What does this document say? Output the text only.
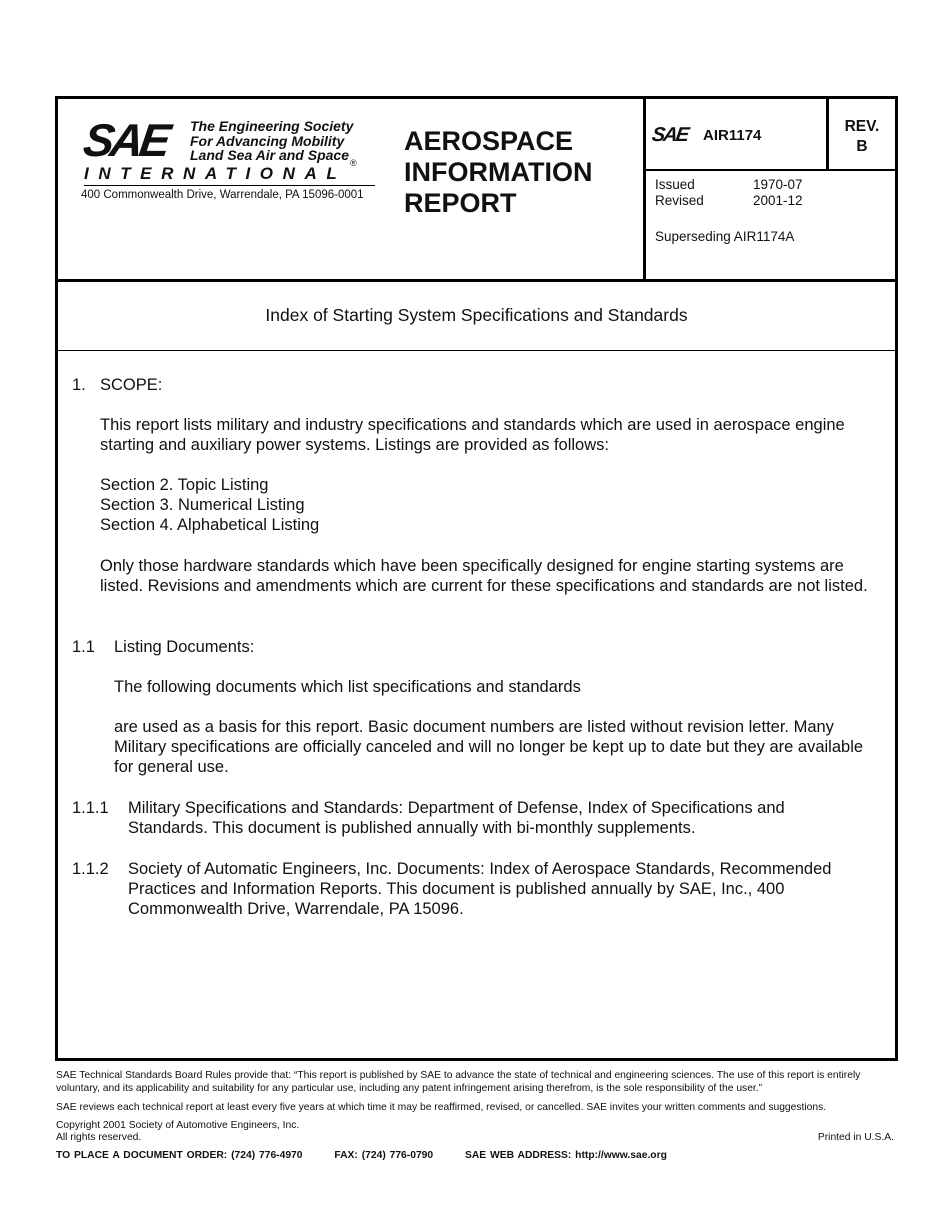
SAE The Engineering Society
For Advancing Mobility
Land Sea Air and Space ®
INTERNATIONAL
400 Commonwealth Drive, Warrendale, PA 15096-0001
AEROSPACE
INFORMATION
REPORT
SAE AIR1174
REV.
B
Issued	1970-07
Revised	2001-12
Superseding AIR1174A
Index of Starting System Specifications and Standards
1. SCOPE:
This report lists military and industry specifications and standards which are used in aerospace engine starting and auxiliary power systems. Listings are provided as follows:
Section 2. Topic Listing
Section 3. Numerical Listing
Section 4. Alphabetical Listing
Only those hardware standards which have been specifically designed for engine starting systems are listed. Revisions and amendments which are current for these specifications and standards are not listed.
1.1 Listing Documents:
The following documents which list specifications and standards
are used as a basis for this report. Basic document numbers are listed without revision letter. Many Military specifications are officially canceled and will no longer be kept up to date but they are available for general use.
1.1.1 Military Specifications and Standards: Department of Defense, Index of Specifications and Standards. This document is published annually with bi-monthly supplements.
1.1.2 Society of Automatic Engineers, Inc. Documents: Index of Aerospace Standards, Recommended Practices and Information Reports. This document is published annually by SAE, Inc., 400 Commonwealth Drive, Warrendale, PA 15096.
SAE Technical Standards Board Rules provide that: “This report is published by SAE to advance the state of technical and engineering sciences. The use of this report is entirely voluntary, and its applicability and suitability for any particular use, including any patent infringement arising therefrom, is the sole responsibility of the user.”
SAE reviews each technical report at least every five years at which time it may be reaffirmed, revised, or cancelled. SAE invites your written comments and suggestions.
Copyright 2001 Society of Automotive Engineers, Inc.
All rights reserved.	Printed in U.S.A.
TO PLACE A DOCUMENT ORDER: (724) 776-4970	FAX: (724) 776-0790	SAE WEB ADDRESS: http://www.sae.org
